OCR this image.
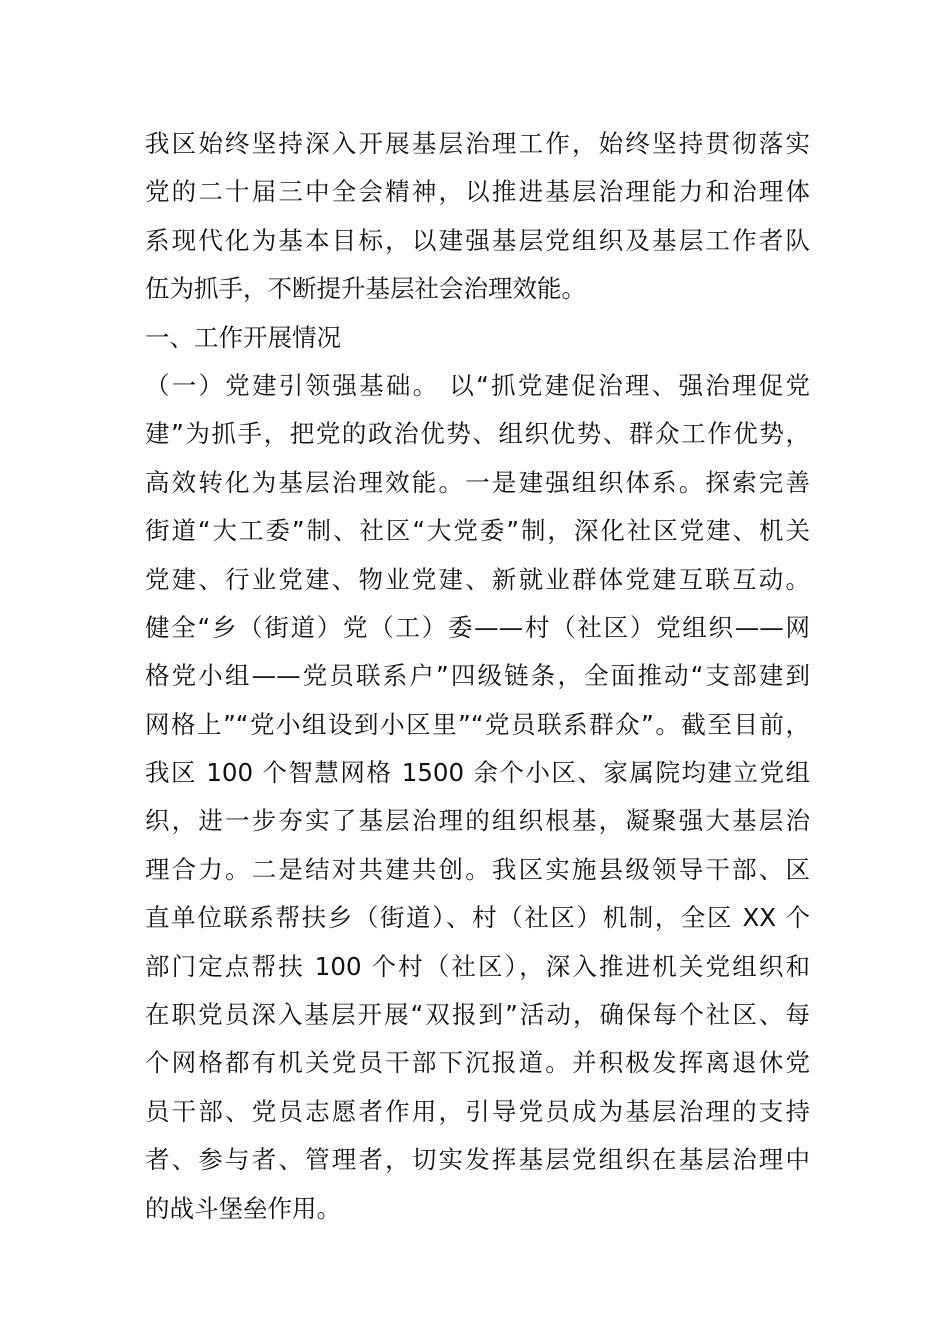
我区始终坚持深入开展基层治理工作，始终坚持贯彻落实
党的二十届三中全会精神，以推进基层治理能力和治理体
系现代化为基本目标，以建强基层党组织及基层工作者队
伍为抓手，不断提升基层社会治理效能。
一、工作开展情况
（一）党建引领强基础。 以“抓党建促治理、强治理促党
建”为抓手，把党的政治优势、组织优势、群众工作优势，
高效转化为基层治理效能。一是建强组织体系。探索完善
街道“大工委”制、社区“大党委”制，深化社区党建、机关
党建、行业党建、物业党建、新就业群体党建互联互动。
健全“乡（街道）党（工）委——村（社区）党组织——网
格党小组——党员联系户”四级链条，全面推动“支部建到
网格上”“党小组设到小区里”“党员联系群众”。截至目前，
我区 100 个智慧网格 1500 余个小区、家属院均建立党组
织，进一步夯实了基层治理的组织根基，凝聚强大基层治
理合力。二是结对共建共创。我区实施县级领导干部、区
直单位联系帮扶乡（街道）、村（社区）机制，全区 XX 个
部门定点帮扶 100 个村（社区），深入推进机关党组织和
在职党员深入基层开展“双报到”活动，确保每个社区、每
个网格都有机关党员干部下沉报道。并积极发挥离退休党
员干部、党员志愿者作用，引导党员成为基层治理的支持
者、参与者、管理者，切实发挥基层党组织在基层治理中
的战斗堡垒作用。
